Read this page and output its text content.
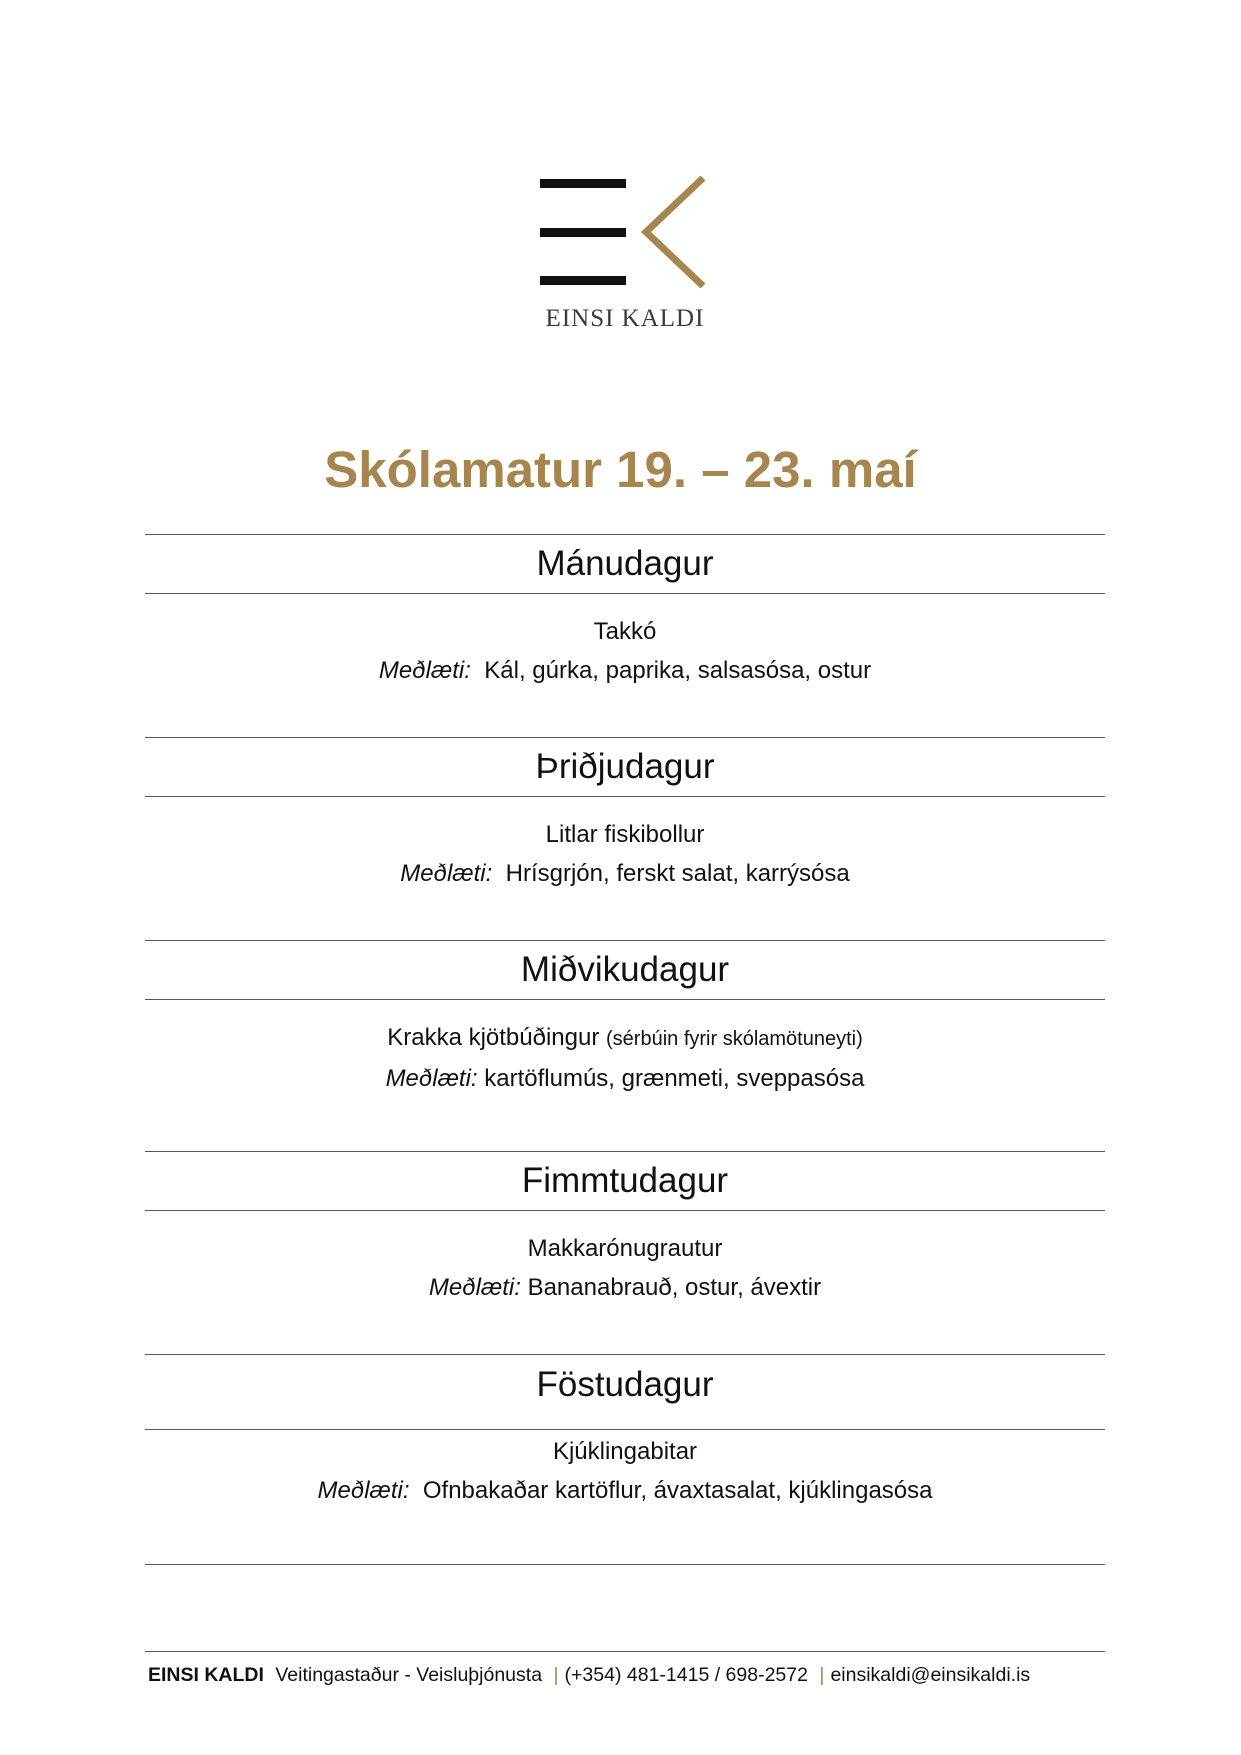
EINSI KALDI
Skólamatur 19. – 23. maí
Mánudagur
Takkó
Meðlæti: Kál, gúrka, paprika, salsasósa, ostur
Þriðjudagur
Litlar fiskibollur
Meðlæti: Hrísgrjón, ferskt salat, karrýsósa
Miðvikudagur
Krakka kjötbúðingur (sérbúin fyrir skólamötuneyti)
Meðlæti: kartöflumús, grænmeti, sveppasósa
Fimmtudagur
Makkarónugrautur
Meðlæti: Bananabrauð, ostur, ávextir
Föstudagur
Kjúklingabitar
Meðlæti: Ofnbakaðar kartöflur, ávaxtasalat, kjúklingasósa
EINSI KALDI Veitingastaður - Veisluþjónusta | (+354) 481-1415 / 698-2572 | einsikaldi@einsikaldi.is
